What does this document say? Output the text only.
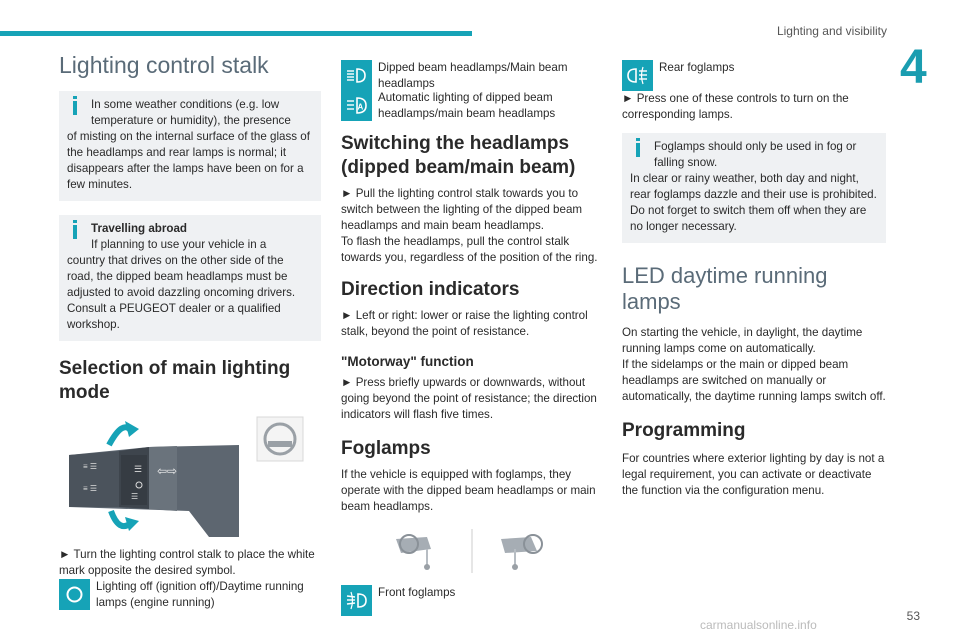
Lighting and visibility
4
Lighting control stalk

In some weather conditions (e.g. low temperature or humidity), the presence

of misting on the internal surface of the glass of the headlamps and rear lamps is normal; it disappears after the lamps have been on for a few minutes.

Travelling abroad

If planning to use your vehicle in a

country that drives on the other side of the road, the dipped beam headlamps must be adjusted to avoid dazzling oncoming drivers. Consult a PEUGEOT dealer or a qualified workshop.

Selection of main lighting mode
≡ ☰
≡ ☰
☰
☰
⇦⇨

► Turn the lighting control stalk to place the white mark opposite the desired symbol.

Lighting off (ignition off)/Daytime running lamps (engine running)

Dipped beam headlamps/Main beam headlamps

A

Automatic lighting of dipped beam headlamps/main beam headlamps

Switching the headlamps (dipped beam/main beam)

► Pull the lighting control stalk towards you to switch between the lighting of the dipped beam headlamps and main beam headlamps.

To flash the headlamps, pull the control stalk towards you, regardless of the position of the ring.

Direction indicators

► Left or right: lower or raise the lighting control stalk, beyond the point of resistance.

"Motorway" function

► Press briefly upwards or downwards, without going beyond the point of resistance; the direction indicators will flash five times.

Foglamps

If the vehicle is equipped with foglamps, they operate with the dipped beam headlamps or main beam headlamps.

Front foglamps

Rear foglamps

► Press one of these controls to turn on the corresponding lamps.

Foglamps should only be used in fog or falling snow.

In clear or rainy weather, both day and night, rear foglamps dazzle and their use is prohibited.

Do not forget to switch them off when they are no longer necessary.

LED daytime running lamps

On starting the vehicle, in daylight, the daytime running lamps come on automatically.

If the sidelamps or the main or dipped beam headlamps are switched on manually or automatically, the daytime running lamps switch off.

Programming

For countries where exterior lighting by day is not a legal requirement, you can activate or deactivate the function via the configuration menu.

53
carmanualsonline.info
